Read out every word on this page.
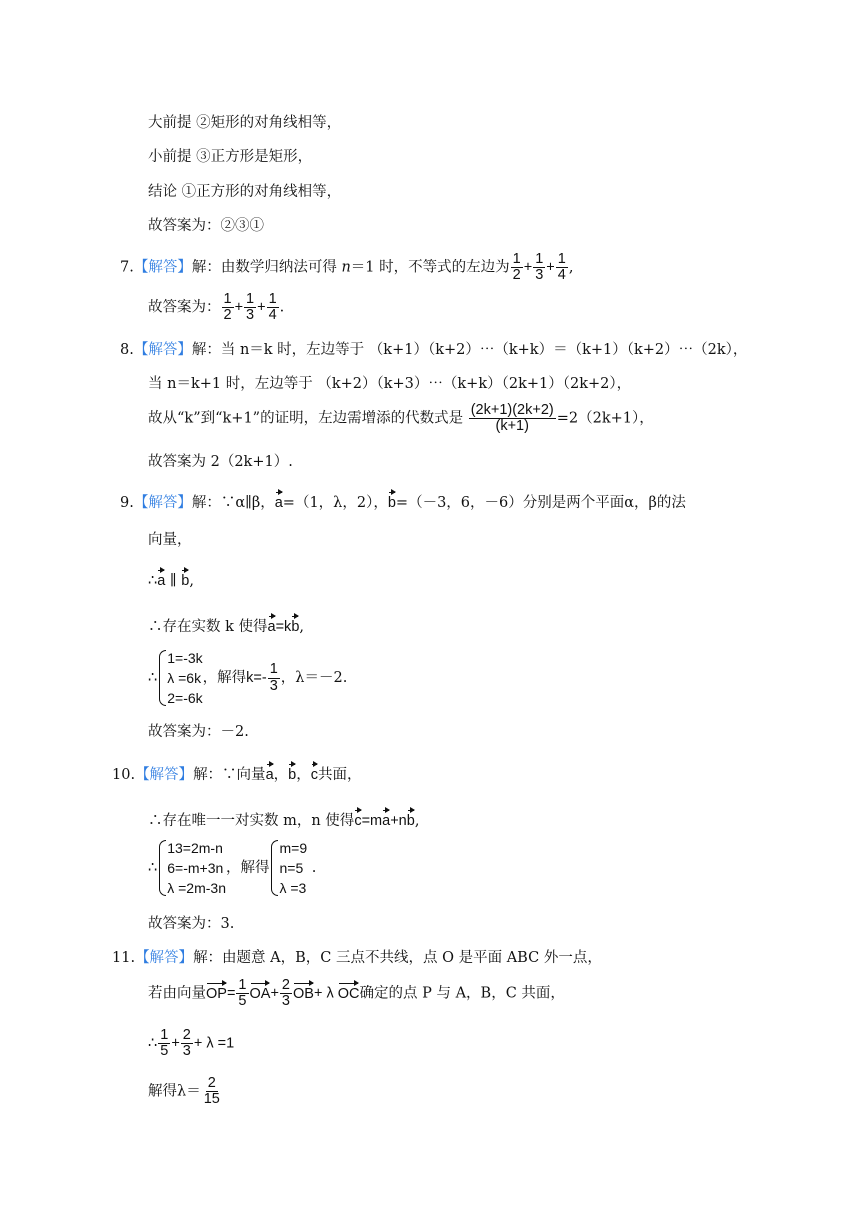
大前提 ②矩形的对角线相等，
小前提 ③正方形是矩形，
结论 ①正方形的对角线相等，
故答案为：②③①
7.【解答】解：由数学归纳法可得 n＝1 时，不等式的左边为 $\frac{1}{2} + \frac{1}{3} + \frac{1}{4}$ ,
故答案为： $\frac{1}{2} + \frac{1}{3} + \frac{1}{4}$ .
8.【解答】解：当 n＝k 时，左边等于 （k+1）（k+2）⋯（k+k）＝（k+1）（k+2）⋯（2k），
当 n＝k+1 时，左边等于 （k+2）（k+3）⋯（k+k）（2k+1）（2k+2），
故从“k”到“k+1”的证明，左边需增添的代数式是 $\frac{(2k+1)(2k+2)}{(k+1)} =2(2k+1)$，
故答案为 2（2k+1）.
9.【解答】解：∵α∥β，a=（1，λ，2），b=（－3，6，－6）分别是两个平面α，β的法
向量，
∴a ∥ b,
∴存在实数 k 使得a=kb,
∴
1=-3k
λ =6k
2=-6k
，解得$k=- \frac{1}{3}$ ，λ＝－2.
故答案为：－2.
10.【解答】解：∵向量a，b，c共面，
∴存在唯一一对实数 m，n 使得c=ma+nb,
∴
13=2m-n
6=-m+3n
λ =2m-3n
，解得
m=9
n=5
λ =3
.
故答案为：3.
11.【解答】解：由题意 A，B，C 三点不共线，点 O 是平面 ABC 外一点，
若由向量$OP= \frac{1}{5} OA+ \frac{2}{3} OB+ \lambda$ OC确定的点 P 与 A，B，C 共面，
∴ $\frac{1}{5} + \frac{2}{3} + \lambda =1$
解得$\lambda= \frac{2}{15}$
